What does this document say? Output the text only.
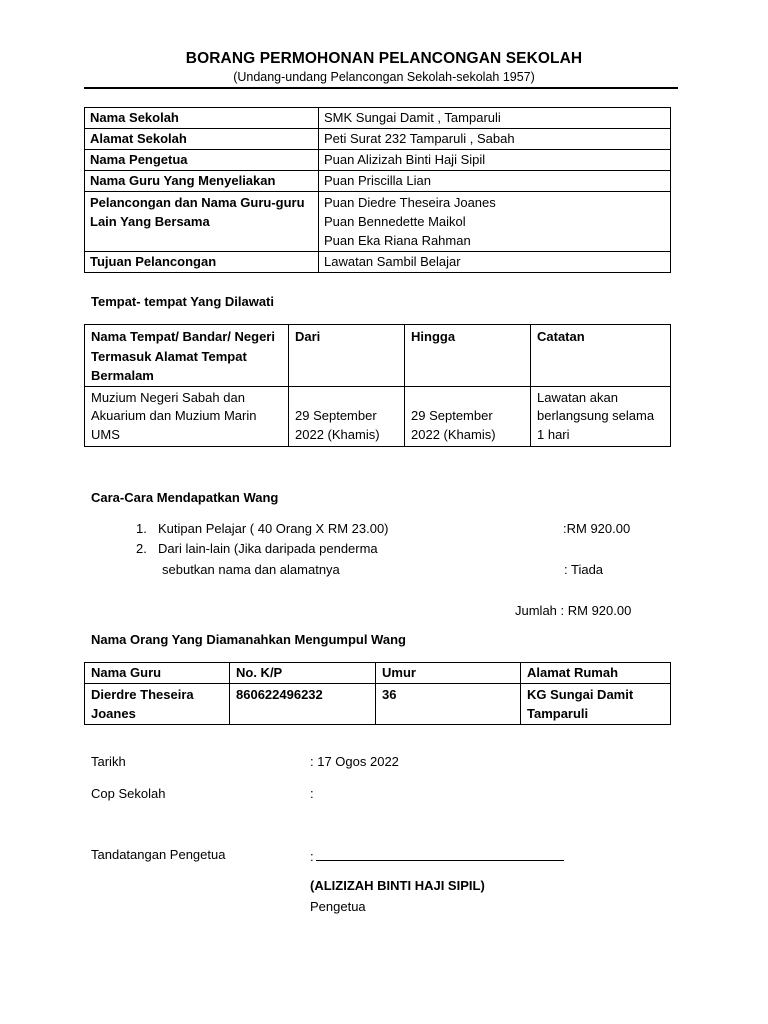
BORANG PERMOHONAN PELANCONGAN SEKOLAH
(Undang-undang Pelancongan Sekolah-sekolah 1957)
Nama Sekolah	SMK Sungai Damit , Tamparuli
Alamat Sekolah	Peti Surat 232 Tamparuli , Sabah
Nama Pengetua	Puan Alizizah Binti Haji Sipil
Nama Guru Yang Menyeliakan	Puan Priscilla Lian
Pelancongan dan Nama Guru-guru Lain Yang Bersama	Puan Diedre Theseira Joanes
Puan Bennedette Maikol
Puan Eka Riana Rahman

Tujuan Pelancongan	Lawatan Sambil Belajar
Tempat- tempat Yang Dilawati
Nama Tempat/ Bandar/ Negeri Termasuk Alamat Tempat Bermalam	Dari	Hingga	Catatan
Muzium Negeri Sabah dan Akuarium dan Muzium Marin UMS	29 September 2022 (Khamis)	29 September 2022 (Khamis)	Lawatan akan berlangsung selama 1 hari
Cara-Cara Mendapatkan Wang
1. Kutipan Pelajar ( 40 Orang X RM 23.00)	:RM 920.00
2. Dari lain-lain (Jika daripada penderma
sebutkan nama dan alamatnya	: Tiada
Jumlah : RM 920.00
Nama Orang Yang Diamanahkan Mengumpul Wang
Nama Guru	No. K/P	Umur	Alamat Rumah
Dierdre Theseira Joanes	860622496232	36	KG Sungai Damit Tamparuli
Tarikh	: 17 Ogos 2022
Cop Sekolah	:
Tandatangan Pengetua	:
(ALIZIZAH BINTI HAJI SIPIL)
Pengetua
